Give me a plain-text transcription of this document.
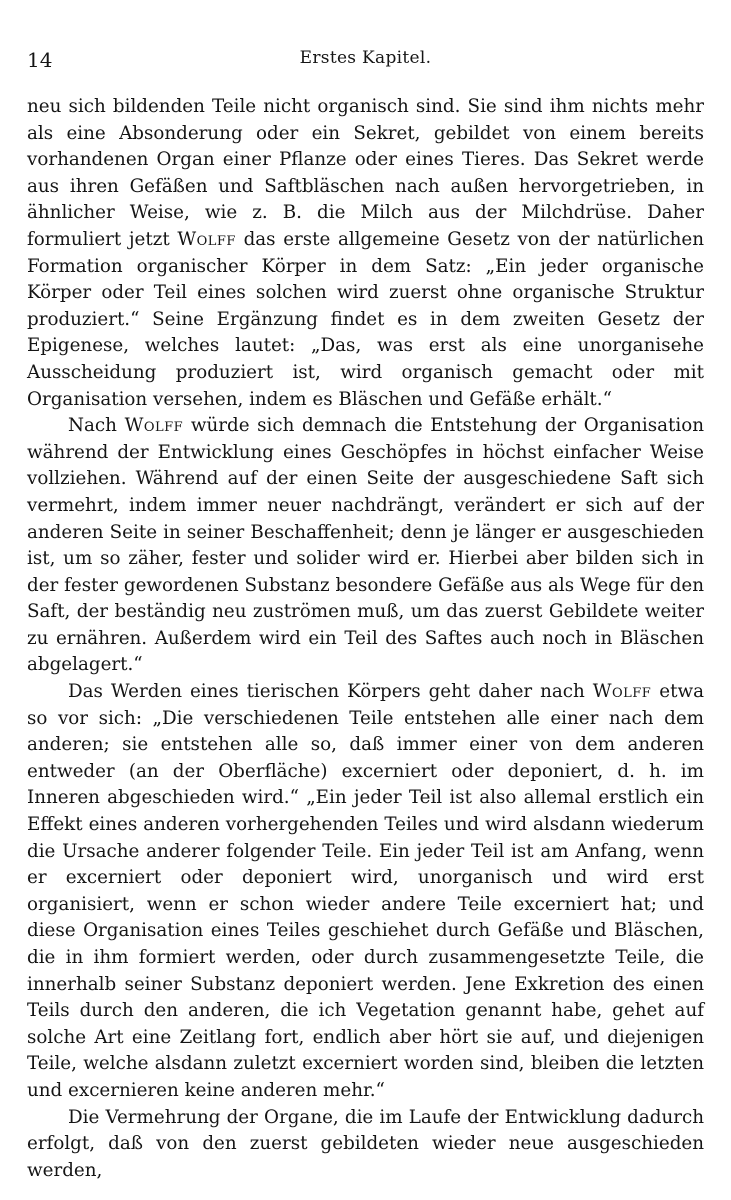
14	Erstes Kapitel.

neu sich bildenden Teile nicht organisch sind. Sie sind ihm nichts mehr als eine Absonderung oder ein Sekret, gebildet von einem bereits vorhandenen Organ einer Pflanze oder eines Tieres. Das Sekret werde aus ihren Gefäßen und Saftbläschen nach außen hervorgetrieben, in ähnlicher Weise, wie z. B. die Milch aus der Milchdrüse. Daher formuliert jetzt Wolff das erste allgemeine Gesetz von der natürlichen Formation organischer Körper in dem Satz: „Ein jeder organische Körper oder Teil eines solchen wird zuerst ohne organische Struktur produziert.“ Seine Ergänzung findet es in dem zweiten Gesetz der Epigenese, welches lautet: „Das, was erst als eine unorganisehe Ausscheidung produziert ist, wird organisch gemacht oder mit Organisation versehen, indem es Bläschen und Gefäße erhält.“

Nach Wolff würde sich demnach die Entstehung der Organisation während der Entwicklung eines Geschöpfes in höchst einfacher Weise vollziehen. Während auf der einen Seite der ausgeschiedene Saft sich vermehrt, indem immer neuer nachdrängt, verändert er sich auf der anderen Seite in seiner Beschaffenheit; denn je länger er ausgeschieden ist, um so zäher, fester und solider wird er. Hierbei aber bilden sich in der fester gewordenen Substanz besondere Gefäße aus als Wege für den Saft, der beständig neu zuströmen muß, um das zuerst Gebildete weiter zu ernähren. Außerdem wird ein Teil des Saftes auch noch in Bläschen abgelagert.“

Das Werden eines tierischen Körpers geht daher nach Wolff etwa so vor sich: „Die verschiedenen Teile entstehen alle einer nach dem anderen; sie entstehen alle so, daß immer einer von dem anderen entweder (an der Oberfläche) excerniert oder deponiert, d. h. im Inneren abgeschieden wird.“ „Ein jeder Teil ist also allemal erstlich ein Effekt eines anderen vorhergehenden Teiles und wird alsdann wiederum die Ursache anderer folgender Teile. Ein jeder Teil ist am Anfang, wenn er excerniert oder deponiert wird, unorganisch und wird erst organisiert, wenn er schon wieder andere Teile excerniert hat; und diese Organisation eines Teiles geschiehet durch Gefäße und Bläschen, die in ihm formiert werden, oder durch zusammengesetzte Teile, die innerhalb seiner Substanz deponiert werden. Jene Exkretion des einen Teils durch den anderen, die ich Vegetation genannt habe, gehet auf solche Art eine Zeitlang fort, endlich aber hört sie auf, und diejenigen Teile, welche alsdann zuletzt excerniert worden sind, bleiben die letzten und excernieren keine anderen mehr.“

Die Vermehrung der Organe, die im Laufe der Entwicklung dadurch erfolgt, daß von den zuerst gebildeten wieder neue ausgeschieden werden,
